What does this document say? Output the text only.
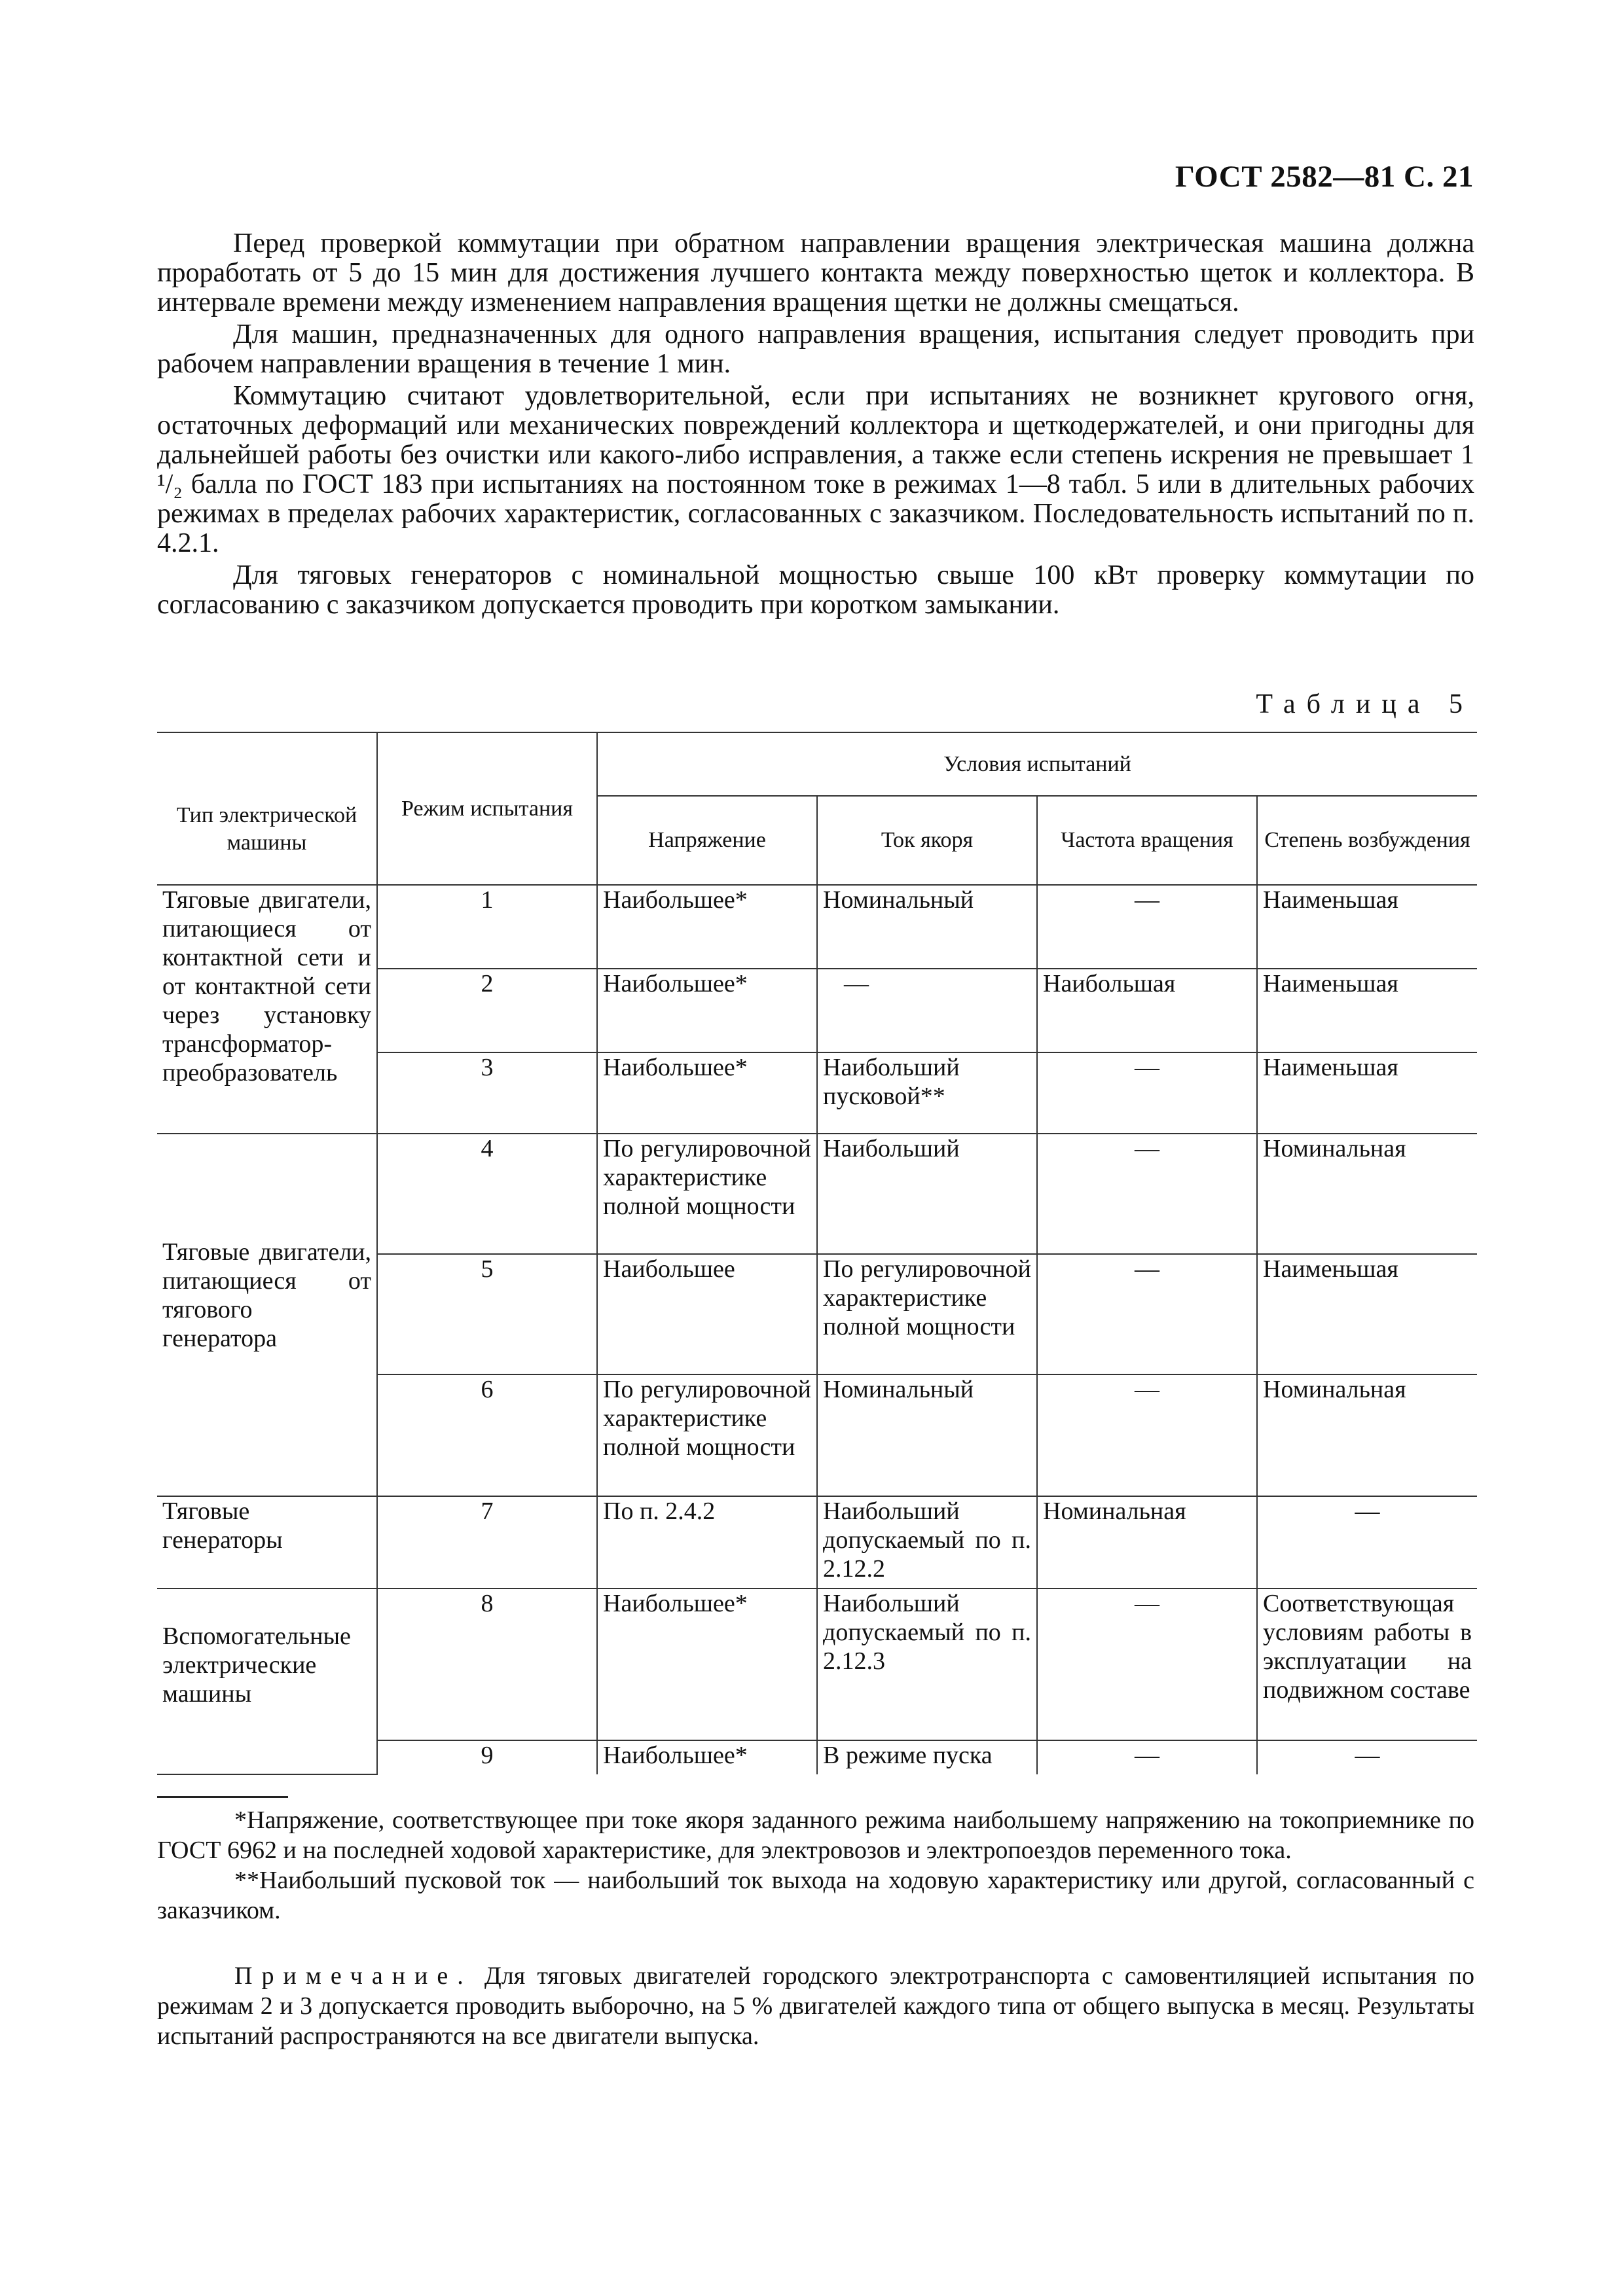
ГОСТ 2582—81 С. 21

Перед проверкой коммутации при обратном направлении вращения электрическая машина должна проработать от 5 до 15 мин для достижения лучшего контакта между поверхностью щеток и коллектора. В интервале времени между изменением направления вращения щетки не должны смещаться.

Для машин, предназначенных для одного направления вращения, испытания следует проводить при рабочем направлении вращения в течение 1 мин.

Коммутацию считают удовлетворительной, если при испытаниях не возникнет кругового огня, остаточных деформаций или механических повреждений коллектора и щеткодержателей, и они пригодны для дальнейшей работы без очистки или какого-либо исправления, а также если степень искрения не превышает 1 ¹/₂ балла по ГОСТ 183 при испытаниях на постоянном токе в режимах 1—8 табл. 5 или в длительных рабочих режимах в пределах рабочих характеристик, согласованных с заказчиком. Последовательность испытаний по п. 4.2.1.

Для тяговых генераторов с номинальной мощностью свыше 100 кВт проверку коммутации по согласованию с заказчиком допускается проводить при коротком замыкании.

Таблица 5
Тип электрической машины	Режим испытания	Условия испытаний			
		Напряжение	Ток якоря	Частота вращения	Степень возбуждения
Тяговые двигатели, питающиеся от контактной сети и от контактной сети через установку трансформатор-преобразователь	1	Наибольшее*	Номинальный	—	Наименьшая
	2	Наибольшее*	—	Наибольшая	Наименьшая
	3	Наибольшее*	Наибольший пусковой**	—	Наименьшая
Тяговые двигатели, питающиеся от тягового генератора	4	По регулировочной характеристике полной мощности	Наибольший	—	Номинальная
	5	Наибольшее	По регулировочной характеристике полной мощности	—	Наименьшая
	6	По регулировочной характеристике полной мощности	Номинальный	—	Номинальная
Тяговые генераторы	7	По п. 2.4.2	Наибольший допускаемый по п. 2.12.2	Номинальная	—
Вспомогательные электрические машины	8	Наибольшее*	Наибольший допускаемый по п. 2.12.3	—	Соответствующая условиям работы в эксплуатации на подвижном составе
	9	Наибольшее*	В режиме пуска	—	—

*Напряжение, соответствующее при токе якоря заданного режима наибольшему напряжению на токоприемнике по ГОСТ 6962 и на последней ходовой характеристике, для электровозов и электропоездов переменного тока.

**Наибольший пусковой ток — наибольший ток выхода на ходовую характеристику или другой, согласованный с заказчиком.

Примечание. Для тяговых двигателей городского электротранспорта с самовентиляцией испытания по режимам 2 и 3 допускается проводить выборочно, на 5 % двигателей каждого типа от общего выпуска в месяц. Результаты испытаний распространяются на все двигатели выпуска.
